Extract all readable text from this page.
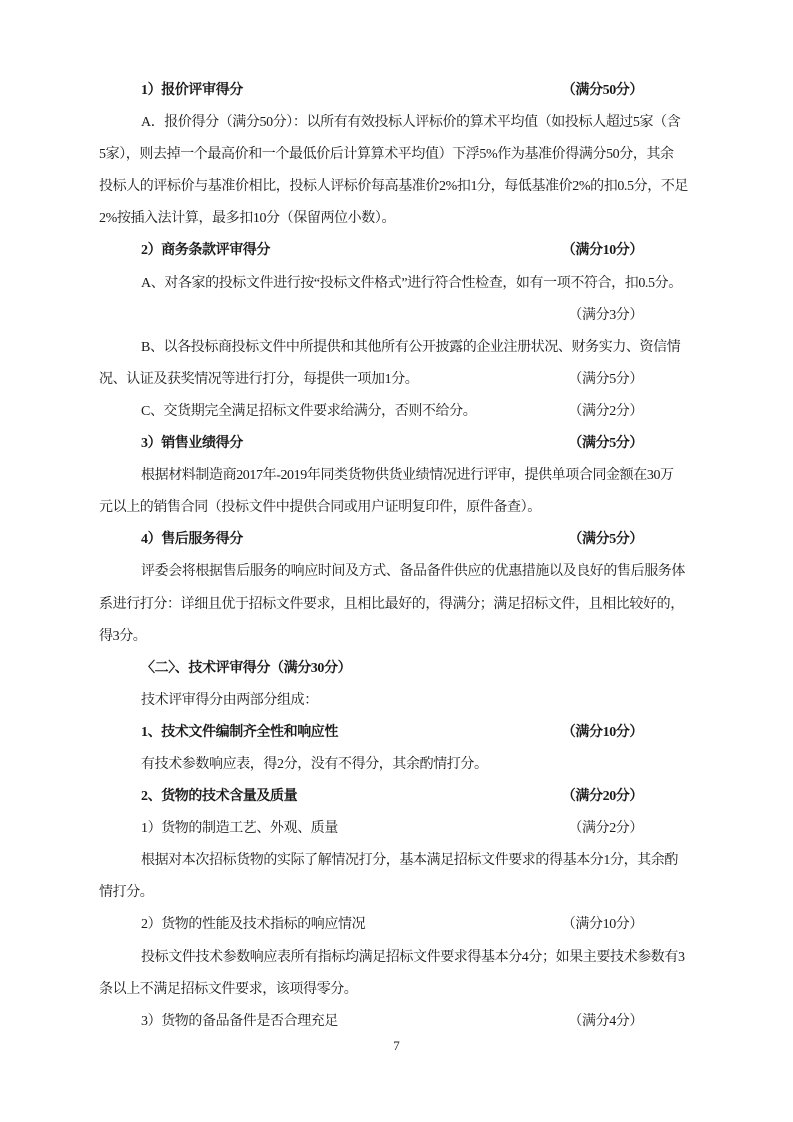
1）报价评审得分	（满分50分）
A．报价得分（满分50分）：以所有有效投标人评标价的算术平均值（如投标人超过5家（含
5家），则去掉一个最高价和一个最低价后计算算术平均值）下浮5%作为基准价得满分50分，其余
投标人的评标价与基准价相比，投标人评标价每高基准价2%扣1分，每低基准价2%的扣0.5分，不足
2%按插入法计算，最多扣10分（保留两位小数）。
2）商务条款评审得分	（满分10分）
A、对各家的投标文件进行按“投标文件格式”进行符合性检查，如有一项不符合，扣0.5分。
（满分3分）
B、以各投标商投标文件中所提供和其他所有公开披露的企业注册状况、财务实力、资信情
况、认证及获奖情况等进行打分，每提供一项加1分。	（满分5分）
C、交货期完全满足招标文件要求给满分，否则不给分。	（满分2分）
3）销售业绩得分	（满分5分）
根据材料制造商2017年-2019年同类货物供货业绩情况进行评审，提供单项合同金额在30万
元以上的销售合同（投标文件中提供合同或用户证明复印件，原件备查）。
4）售后服务得分	（满分5分）
评委会将根据售后服务的响应时间及方式、备品备件供应的优惠措施以及良好的售后服务体
系进行打分：详细且优于招标文件要求，且相比最好的，得满分；满足招标文件，且相比较好的，
得3分。
〈二〉、技术评审得分（满分30分）
技术评审得分由两部分组成：
1、技术文件编制齐全性和响应性	（满分10分）
有技术参数响应表，得2分，没有不得分，其余酌情打分。
2、货物的技术含量及质量	（满分20分）
1）货物的制造工艺、外观、质量	（满分2分）
根据对本次招标货物的实际了解情况打分，基本满足招标文件要求的得基本分1分，其余酌
情打分。
2）货物的性能及技术指标的响应情况	（满分10分）
投标文件技术参数响应表所有指标均满足招标文件要求得基本分4分；如果主要技术参数有3
条以上不满足招标文件要求，该项得零分。
3）货物的备品备件是否合理充足	（满分4分）
7
